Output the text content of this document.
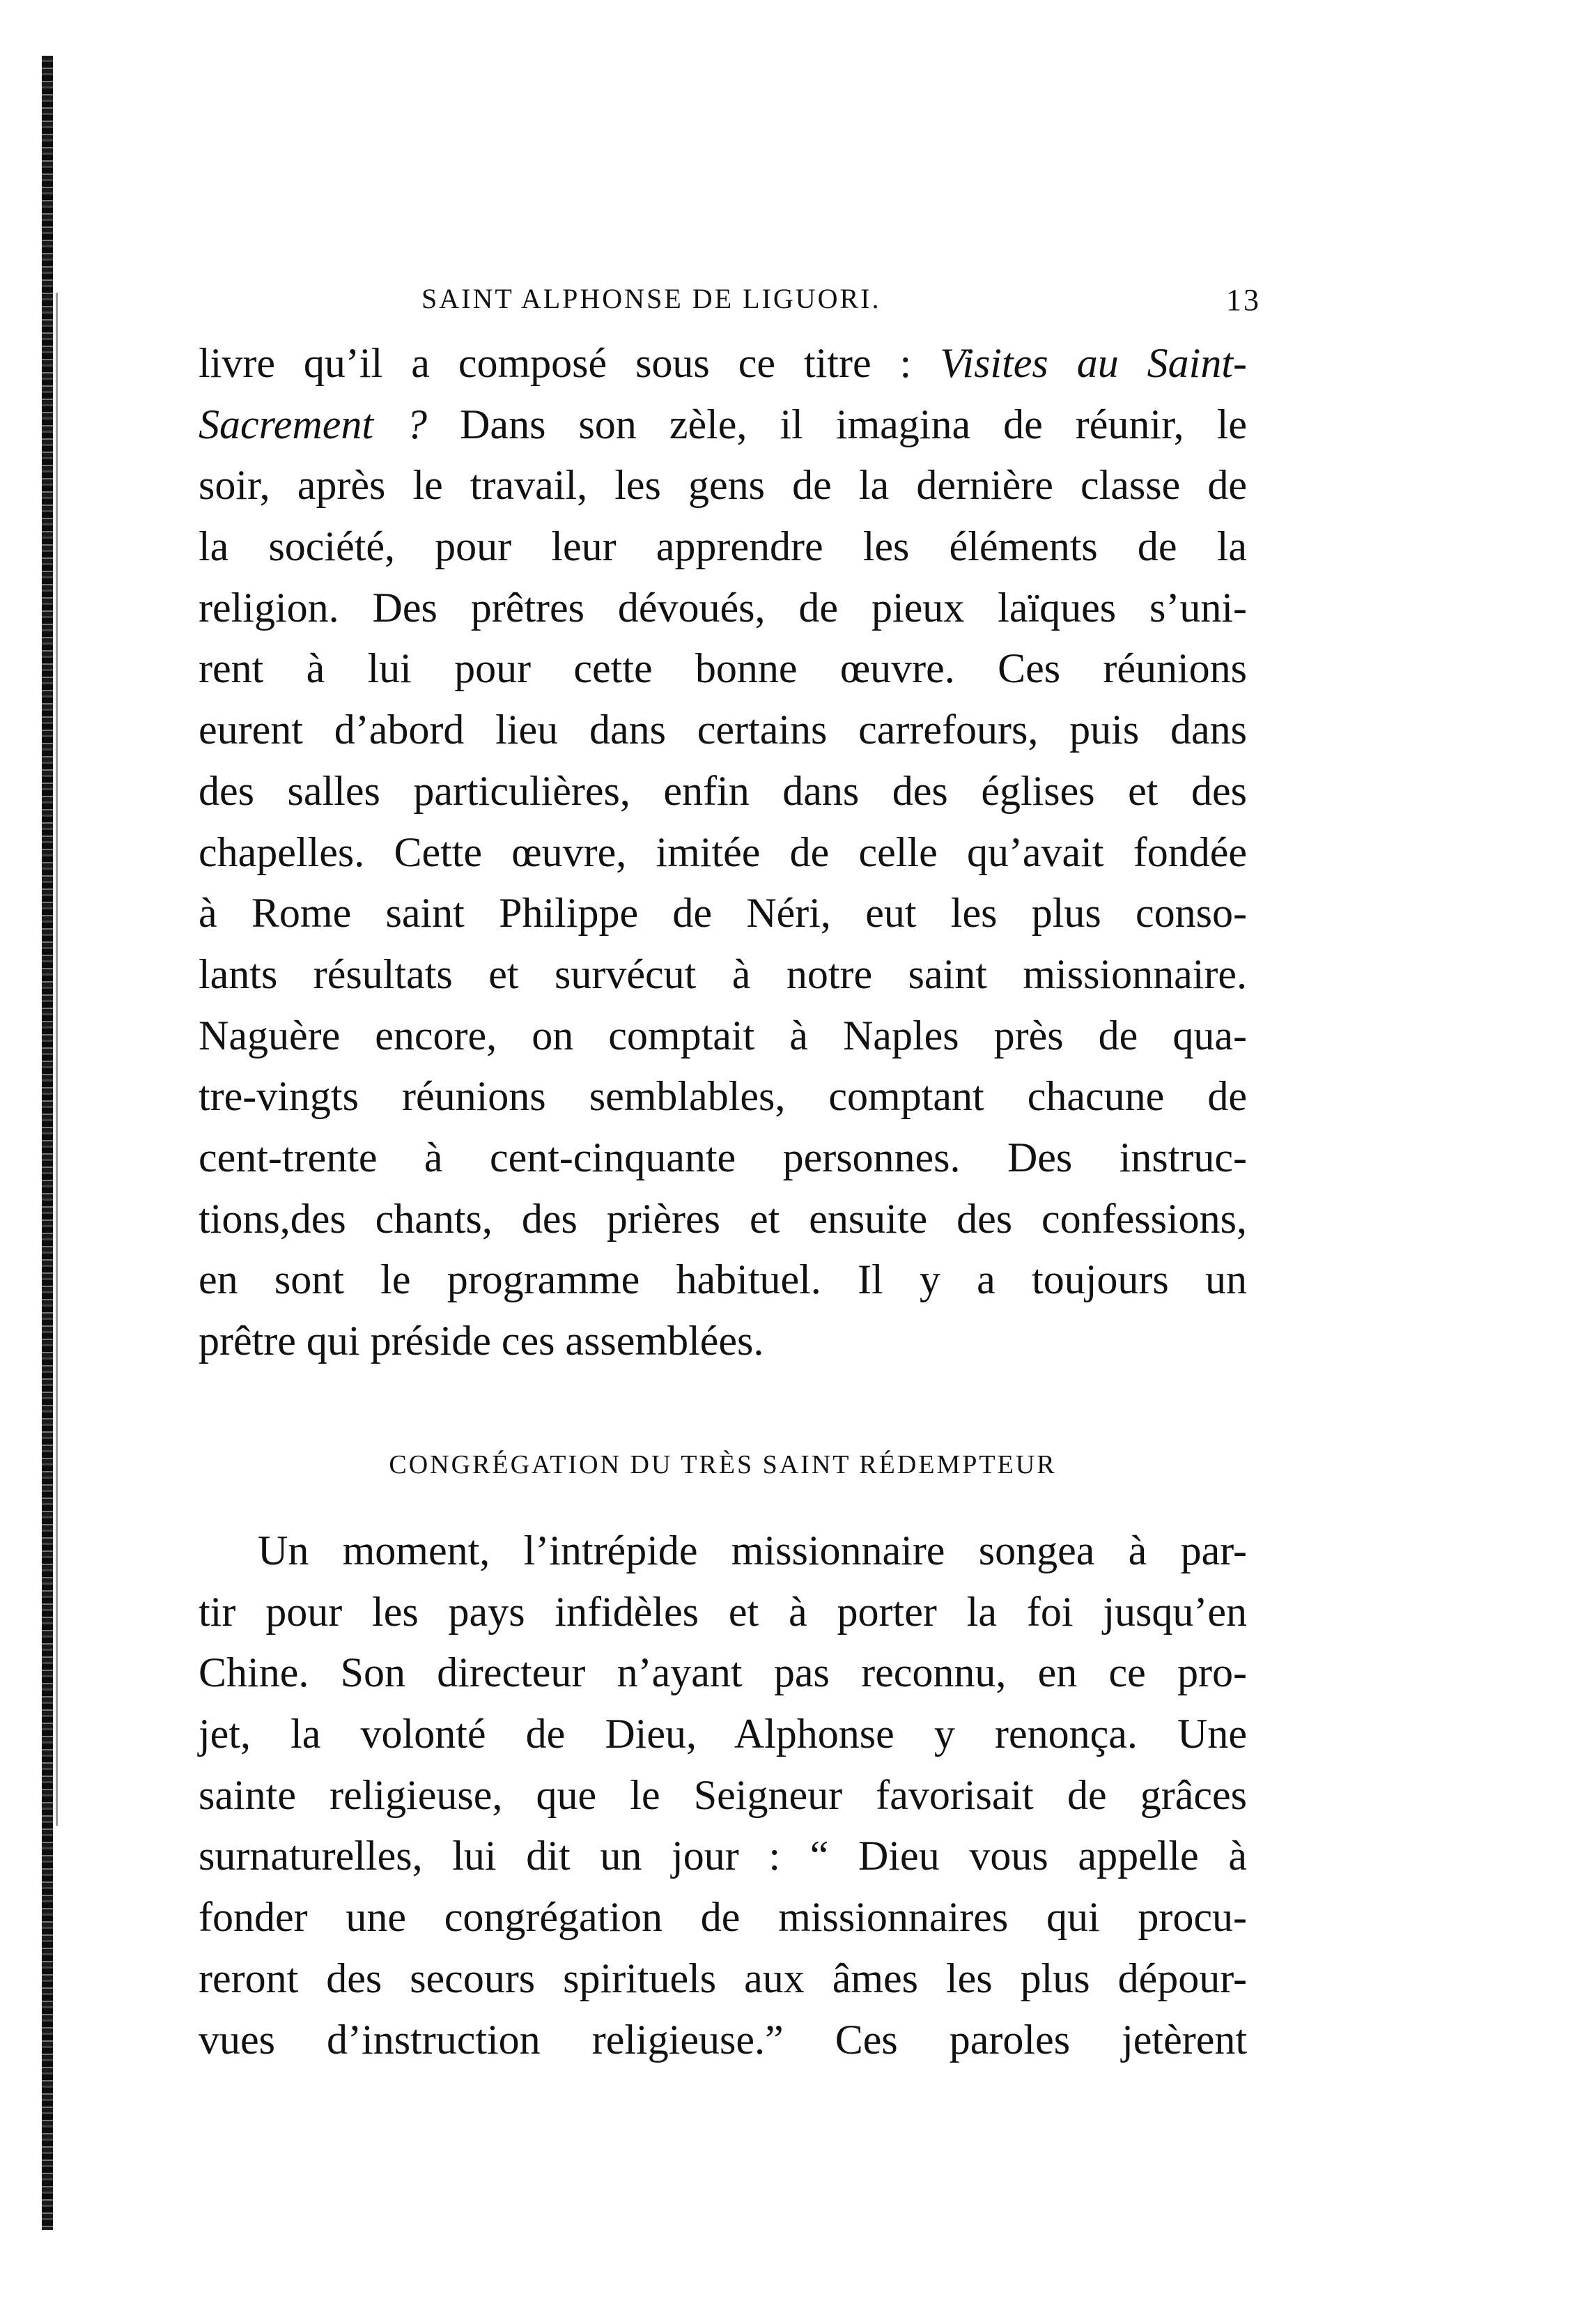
SAINT ALPHONSE DE LIGUORI.	13
livre qu’il a composé sous ce titre : Visites au Saint-
Sacrement ? Dans son zèle, il imagina de réunir, le
soir, après le travail, les gens de la dernière classe de
la société, pour leur apprendre les éléments de la
religion. Des prêtres dévoués, de pieux laïques s’uni-
rent à lui pour cette bonne œuvre. Ces réunions
eurent d’abord lieu dans certains carrefours, puis dans
des salles particulières, enfin dans des églises et des
chapelles. Cette œuvre, imitée de celle qu’avait fondée
à Rome saint Philippe de Néri, eut les plus conso-
lants résultats et survécut à notre saint missionnaire.
Naguère encore, on comptait à Naples près de qua-
tre-vingts réunions semblables, comptant chacune de
cent-trente à cent-cinquante personnes. Des instruc-
tions,des chants, des prières et ensuite des confessions,
en sont le programme habituel. Il y a toujours un
prêtre qui préside ces assemblées.
CONGRÉGATION DU TRÈS SAINT RÉDEMPTEUR
Un moment, l’intrépide missionnaire songea à par-
tir pour les pays infidèles et à porter la foi jusqu’en
Chine. Son directeur n’ayant pas reconnu, en ce pro-
jet, la volonté de Dieu, Alphonse y renonça. Une
sainte religieuse, que le Seigneur favorisait de grâces
surnaturelles, lui dit un jour : “ Dieu vous appelle à
fonder une congrégation de missionnaires qui procu-
reront des secours spirituels aux âmes les plus dépour-
vues d’instruction religieuse.” Ces paroles jetèrent
